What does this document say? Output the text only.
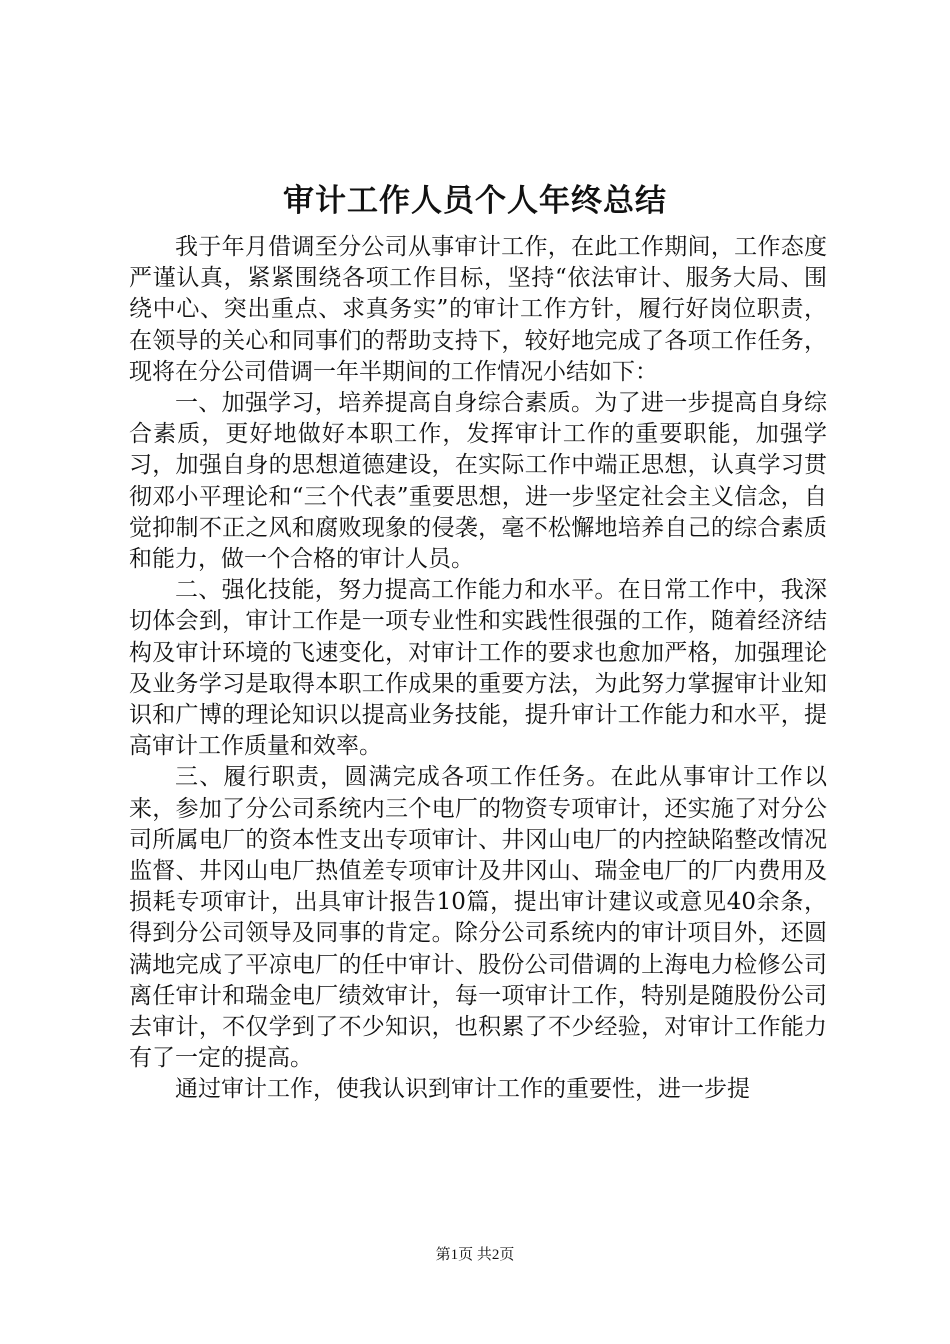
审计工作人员个人年终总结

我于年月借调至分公司从事审计工作，在此工作期间，工作态度严谨认真，紧紧围绕各项工作目标，坚持“依法审计、服务大局、围绕中心、突出重点、求真务实”的审计工作方针，履行好岗位职责，在领导的关心和同事们的帮助支持下，较好地完成了各项工作任务，现将在分公司借调一年半期间的工作情况小结如下：

一、加强学习，培养提高自身综合素质。为了进一步提高自身综合素质，更好地做好本职工作，发挥审计工作的重要职能，加强学习，加强自身的思想道德建设，在实际工作中端正思想，认真学习贯彻邓小平理论和“三个代表”重要思想，进一步坚定社会主义信念，自觉抑制不正之风和腐败现象的侵袭，毫不松懈地培养自己的综合素质和能力，做一个合格的审计人员。

二、强化技能，努力提高工作能力和水平。在日常工作中，我深切体会到，审计工作是一项专业性和实践性很强的工作，随着经济结构及审计环境的飞速变化，对审计工作的要求也愈加严格，加强理论及业务学习是取得本职工作成果的重要方法，为此努力掌握审计业知识和广博的理论知识以提高业务技能，提升审计工作能力和水平，提高审计工作质量和效率。

三、履行职责，圆满完成各项工作任务。在此从事审计工作以来，参加了分公司系统内三个电厂的物资专项审计，还实施了对分公司所属电厂的资本性支出专项审计、井冈山电厂的内控缺陷整改情况监督、井冈山电厂热值差专项审计及井冈山、瑞金电厂的厂内费用及损耗专项审计，出具审计报告10篇，提出审计建议或意见40余条，得到分公司领导及同事的肯定。除分公司系统内的审计项目外，还圆满地完成了平凉电厂的任中审计、股份公司借调的上海电力检修公司离任审计和瑞金电厂绩效审计，每一项审计工作，特别是随股份公司去审计，不仅学到了不少知识，也积累了不少经验，对审计工作能力有了一定的提高。

通过审计工作，使我认识到审计工作的重要性，进一步提

第1页 共2页
